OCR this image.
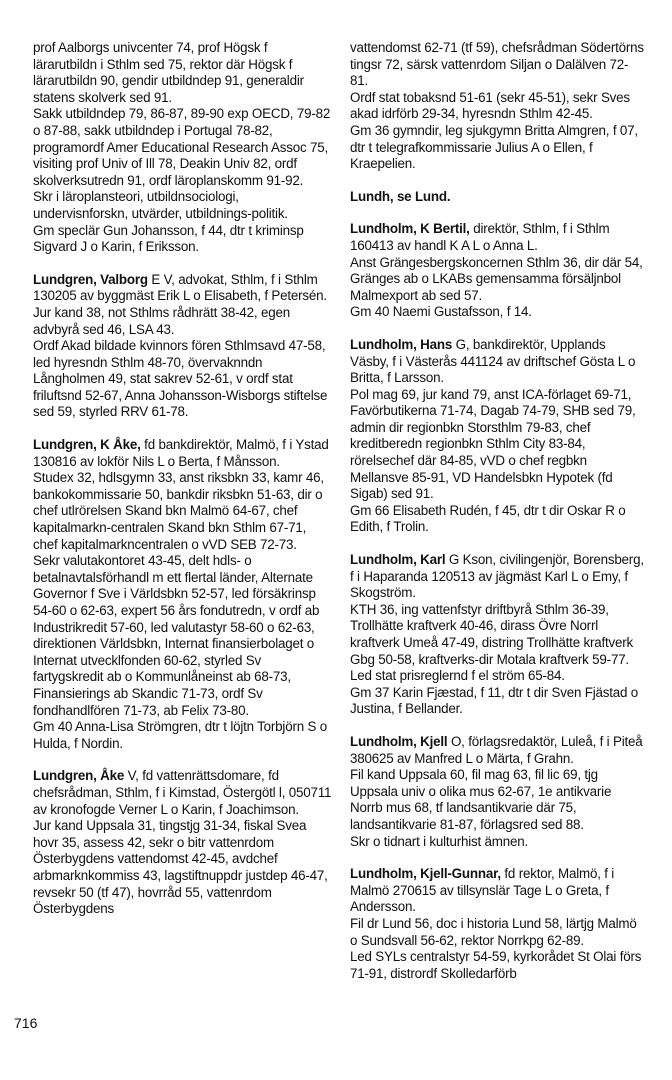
prof Aalborgs univcenter 74, prof Högsk f lärarutbildn i Sthlm sed 75, rektor där Högsk f lärarutbildn 90, gendir utbildndep 91, generaldir statens skolverk sed 91.

Sakk utbildndep 79, 86-87, 89-90 exp OECD, 79-82 o 87-88, sakk utbildndep i Portugal 78-82, programordf Amer Educational Research Assoc 75, visiting prof Univ of Ill 78, Deakin Univ 82, ordf skolverksutredn 91, ordf läroplanskomm 91-92.

Skr i läroplansteori, utbildnsociologi, undervisnforskn, utvärder, utbildnings-politik.

Gm speclär Gun Johansson, f 44, dtr t kriminsp Sigvard J o Karin, f Eriksson.

Lundgren, Valborg E V, advokat, Sthlm, f i Sthlm 130205 av byggmäst Erik L o Elisabeth, f Petersén.

Jur kand 38, not Sthlms rådhrätt 38-42, egen advbyrå sed 46, LSA 43.

Ordf Akad bildade kvinnors fören Sthlmsavd 47-58, led hyresndn Sthlm 48-70, övervaknndn Långholmen 49, stat sakrev 52-61, v ordf stat friluftsnd 52-67, Anna Johansson-Wisborgs stiftelse sed 59, styrled RRV 61-78.

Lundgren, K Åke, fd bankdirektör, Malmö, f i Ystad 130816 av lokför Nils L o Berta, f Månsson.

Studex 32, hdlsgymn 33, anst riksbkn 33, kamr 46, bankokommissarie 50, bankdir riksbkn 51-63, dir o chef utlrörelsen Skand bkn Malmö 64-67, chef kapitalmarkn-centralen Skand bkn Sthlm 67-71, chef kapitalmarkncentralen o vVD SEB 72-73.

Sekr valutakontoret 43-45, delt hdls- o betalnavtalsförhandl m ett flertal länder, Alternate Governor f Sve i Världsbkn 52-57, led försäkrinsp 54-60 o 62-63, expert 56 års fondutredn, v ordf ab Industrikredit 57-60, led valutastyr 58-60 o 62-63, direktionen Världsbkn, Internat finansierbolaget o Internat utvecklfonden 60-62, styrled Sv fartygskredit ab o Kommunlåneinst ab 68-73, Finansierings ab Skandic 71-73, ordf Sv fondhandlfören 71-73, ab Felix 73-80.

Gm 40 Anna-Lisa Strömgren, dtr t löjtn Torbjörn S o Hulda, f Nordin.

Lundgren, Åke V, fd vattenrättsdomare, fd chefsrådman, Sthlm, f i Kimstad, Östergötl l, 050711 av kronofogde Verner L o Karin, f Joachimson.

Jur kand Uppsala 31, tingstjg 31-34, fiskal Svea hovr 35, assess 42, sekr o bitr vattenrdom Österbygdens vattendomst 42-45, avdchef arbmarknkommiss 43, lagstiftnuppdr justdep 46-47, revsekr 50 (tf 47), hovrråd 55, vattenrdom Österbygdens

vattendomst 62-71 (tf 59), chefsrådman Södertörns tingsr 72, särsk vattenrdom Siljan o Dalälven 72-81.

Ordf stat tobaksnd 51-61 (sekr 45-51), sekr Sves akad idrförb 29-34, hyresndn Sthlm 42-45.

Gm 36 gymndir, leg sjukgymn Britta Almgren, f 07, dtr t telegrafkommissarie Julius A o Ellen, f Kraepelien.

Lundh, se Lund.

Lundholm, K Bertil, direktör, Sthlm, f i Sthlm 160413 av handl K A L o Anna L.

Anst Grängesbergskoncernen Sthlm 36, dir där 54, Gränges ab o LKABs gemensamma försäljnbol Malmexport ab sed 57.

Gm 40 Naemi Gustafsson, f 14.

Lundholm, Hans G, bankdirektör, Upplands Väsby, f i Västerås 441124 av driftschef Gösta L o Britta, f Larsson.

Pol mag 69, jur kand 79, anst ICA-förlaget 69-71, Favörbutikerna 71-74, Dagab 74-79, SHB sed 79, admin dir regionbkn Storsthlm 79-83, chef kreditberedn regionbkn Sthlm City 83-84, rörelsechef där 84-85, vVD o chef regbkn Mellansve 85-91, VD Handelsbkn Hypotek (fd Sigab) sed 91.

Gm 66 Elisabeth Rudén, f 45, dtr t dir Oskar R o Edith, f Trolin.

Lundholm, Karl G Kson, civilingenjör, Borensberg, f i Haparanda 120513 av jägmäst Karl L o Emy, f Skogström.

KTH 36, ing vattenfstyr driftbyrå Sthlm 36-39, Trollhätte kraftverk 40-46, dirass Övre Norrl kraftverk Umeå 47-49, distring Trollhätte kraftverk Gbg 50-58, kraftverks-dir Motala kraftverk 59-77.

Led stat prisreglernd f el ström 65-84.

Gm 37 Karin Fjæstad, f 11, dtr t dir Sven Fjästad o Justina, f Bellander.

Lundholm, Kjell O, förlagsredaktör, Luleå, f i Piteå 380625 av Manfred L o Märta, f Grahn.

Fil kand Uppsala 60, fil mag 63, fil lic 69, tjg Uppsala univ o olika mus 62-67, 1e antikvarie Norrb mus 68, tf landsantikvarie där 75, landsantikvarie 81-87, förlagsred sed 88.

Skr o tidnart i kulturhist ämnen.

Lundholm, Kjell-Gunnar, fd rektor, Malmö, f i Malmö 270615 av tillsynslär Tage L o Greta, f Andersson.

Fil dr Lund 56, doc i historia Lund 58, lärtjg Malmö o Sundsvall 56-62, rektor Norrkpg 62-89.

Led SYLs centralstyr 54-59, kyrkorådet St Olai förs 71-91, distrordf Skolledarförb

716
